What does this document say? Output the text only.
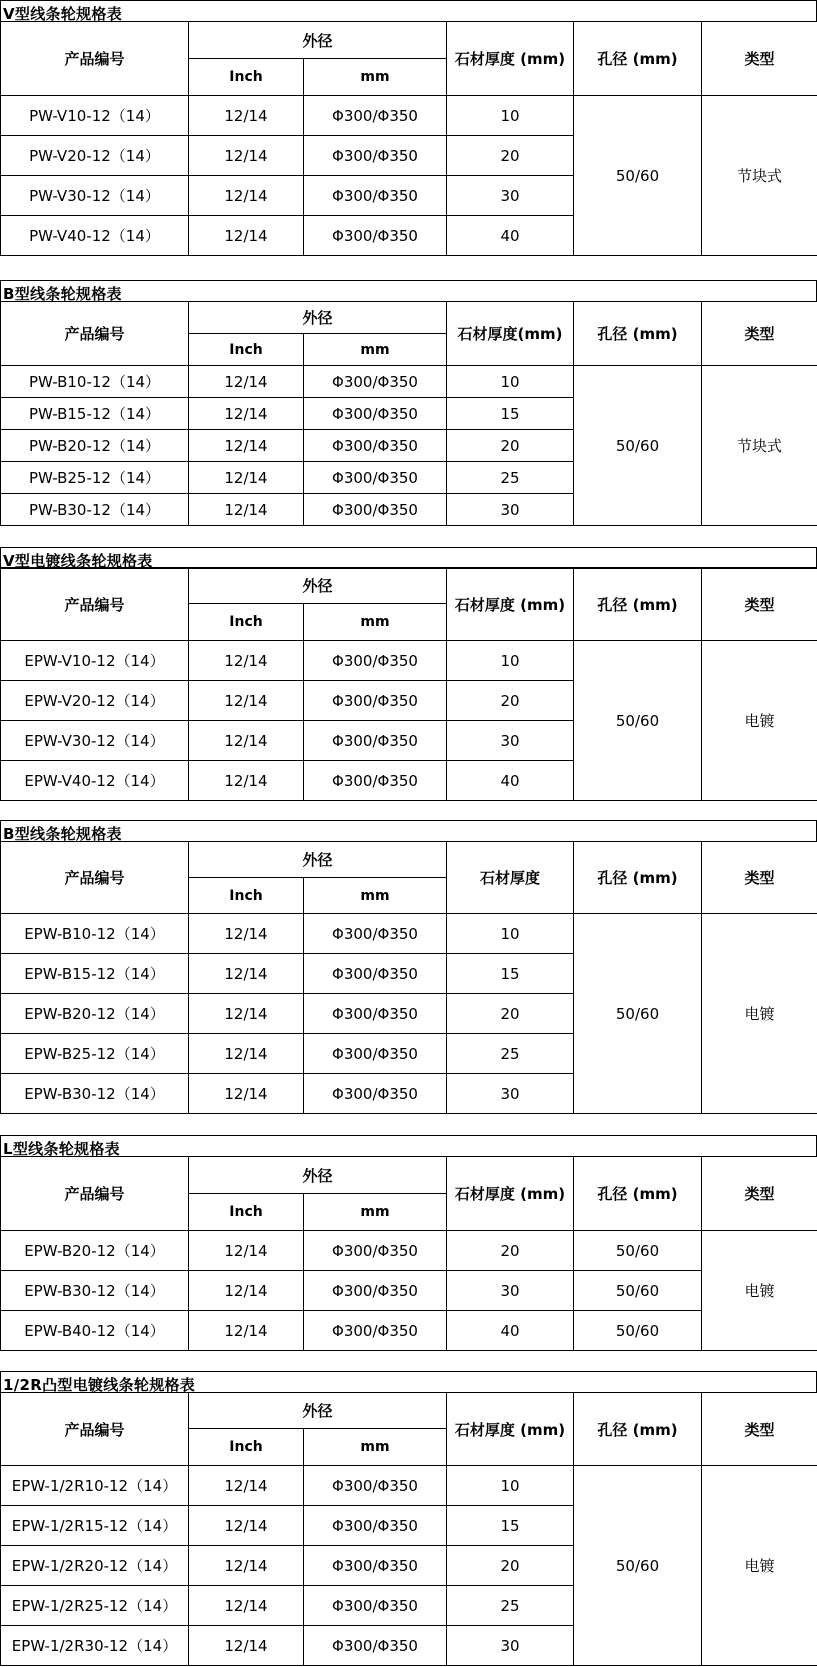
V型线条轮规格表
产品编号	外径		石材厚度 (mm)	孔径 (mm)	类型
	Inch	mm			
PW-V10-12（14）	12/14	Φ300/Φ350	10	50/60	节块式
PW-V20-12（14）	12/14	Φ300/Φ350	20		
PW-V30-12（14）	12/14	Φ300/Φ350	30		
PW-V40-12（14）	12/14	Φ300/Φ350	40		
B型线条轮规格表
产品编号	外径		石材厚度(mm)	孔径 (mm)	类型
	Inch	mm			
PW-B10-12（14）	12/14	Φ300/Φ350	10	50/60	节块式
PW-B15-12（14）	12/14	Φ300/Φ350	15		
PW-B20-12（14）	12/14	Φ300/Φ350	20		
PW-B25-12（14）	12/14	Φ300/Φ350	25		
PW-B30-12（14）	12/14	Φ300/Φ350	30		
V型电镀线条轮规格表
产品编号	外径		石材厚度 (mm)	孔径 (mm)	类型
	Inch	mm			
EPW-V10-12（14）	12/14	Φ300/Φ350	10	50/60	电镀
EPW-V20-12（14）	12/14	Φ300/Φ350	20		
EPW-V30-12（14）	12/14	Φ300/Φ350	30		
EPW-V40-12（14）	12/14	Φ300/Φ350	40		
B型线条轮规格表
产品编号	外径		石材厚度	孔径 (mm)	类型
	Inch	mm			
EPW-B10-12（14）	12/14	Φ300/Φ350	10	50/60	电镀
EPW-B15-12（14）	12/14	Φ300/Φ350	15		
EPW-B20-12（14）	12/14	Φ300/Φ350	20		
EPW-B25-12（14）	12/14	Φ300/Φ350	25		
EPW-B30-12（14）	12/14	Φ300/Φ350	30		
L型线条轮规格表
产品编号	外径		石材厚度 (mm)	孔径 (mm)	类型
	Inch	mm			
EPW-B20-12（14）	12/14	Φ300/Φ350	20	50/60	电镀
EPW-B30-12（14）	12/14	Φ300/Φ350	30	50/60	
EPW-B40-12（14）	12/14	Φ300/Φ350	40	50/60	
1/2R凸型电镀线条轮规格表
产品编号	外径		石材厚度 (mm)	孔径 (mm)	类型
	Inch	mm			
EPW-1/2R10-12（14）	12/14	Φ300/Φ350	10	50/60	电镀
EPW-1/2R15-12（14）	12/14	Φ300/Φ350	15		
EPW-1/2R20-12（14）	12/14	Φ300/Φ350	20		
EPW-1/2R25-12（14）	12/14	Φ300/Φ350	25		
EPW-1/2R30-12（14）	12/14	Φ300/Φ350	30		
